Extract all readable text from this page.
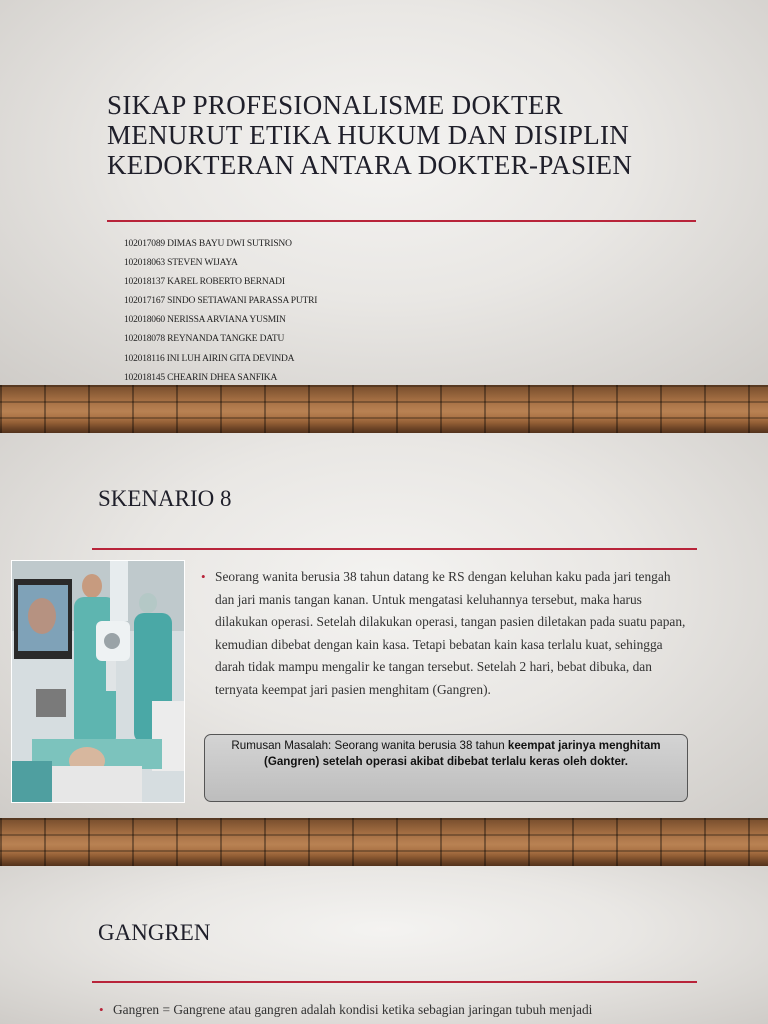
SIKAP PROFESIONALISME DOKTER MENURUT ETIKA HUKUM DAN DISIPLIN KEDOKTERAN ANTARA DOKTER-PASIEN
102017089 DIMAS BAYU DWI SUTRISNO
102018063 STEVEN WIJAYA
102018137 KAREL ROBERTO BERNADI
102017167 SINDO SETIAWANI PARASSA PUTRI
102018060 NERISSA ARVIANA YUSMIN
102018078 REYNANDA TANGKE DATU
102018116 INI LUH AIRIN GITA DEVINDA
102018145 CHEARIN DHEA SANFIKA
SKENARIO 8

• Seorang wanita berusia 38 tahun datang ke RS dengan keluhan kaku pada jari tengah dan jari manis tangan kanan. Untuk mengatasi keluhannya tersebut, maka harus dilakukan operasi. Setelah dilakukan operasi, tangan pasien diletakan pada suatu papan, kemudian dibebat dengan kain kasa. Tetapi bebatan kain kasa terlalu kuat, sehingga darah tidak mampu mengalir ke tangan tersebut. Setelah 2 hari, bebat dibuka, dan ternyata keempat jari pasien menghitam (Gangren).

Rumusan Masalah: Seorang wanita berusia 38 tahun keempat jarinya menghitam (Gangren) setelah operasi akibat dibebat terlalu keras oleh dokter.
GANGREN

• Gangren = Gangrene atau gangren adalah kondisi ketika sebagian jaringan tubuh menjadi
